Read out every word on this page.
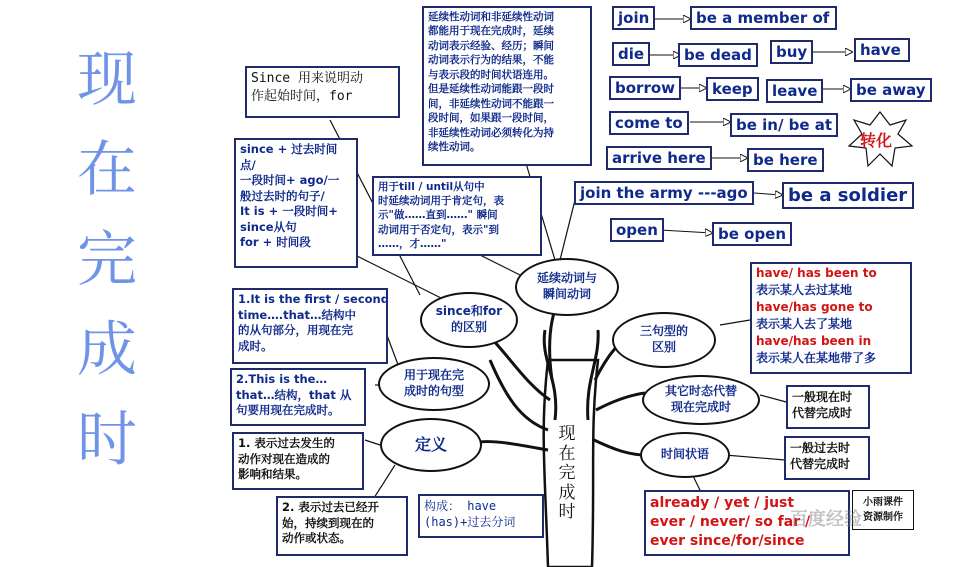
现
在
完
成
时
延续性动词和非延续性动词
都能用于现在完成时，延续
动词表示经验、经历；瞬间
动词表示行为的结果，不能
与表示段的时间状语连用。
但是延续性动词能跟一段时
间，非延续性动词不能跟一
段时间，如果跟一段时间，
非延续性动词必须转化为持
续性动词。
Since 用来说明动
作起始时间，for
since + 过去时间
点/
一段时间+ ago/一
般过去时的句子/
It is + 一段时间+
since从句
for + 时间段
用于till / until从句中
时延续动词用于肯定句，表
示"做……直到……" 瞬间
动词用于否定句，表示"到
……，才……"
1.It is the first / second
time….that…结构中
的从句部分，用现在完
成时。
2.This is the…
that…结构，that 从
句要用现在完成时。
1. 表示过去发生的
动作对现在造成的
影响和结果。
2. 表示过去已经开
始，持续到现在的
动作或状态。
构成： have
(has)+过去分词
since和for
的区别
用于现在完
成时的句型
定义
延续动词与
瞬间动词
三句型的
区别
其它时态代替
现在完成时
时间状语
现
在
完
成
时
join	be a member of
die	be dead	buy	have
borrow	keep	leave	be away
come to	be in/ be at
arrive here	be here
join the army ---ago	be a soldier
open	be open
转化
have/ has been to
表示某人去过某地
have/has gone to
表示某人去了某地
have/has been in
表示某人在某地带了多
一般现在时
代替完成时
一般过去时
代替完成时
already / yet / just
ever / never/ so far /
ever since/for/since
小雨课件
资源制作
百度经验
